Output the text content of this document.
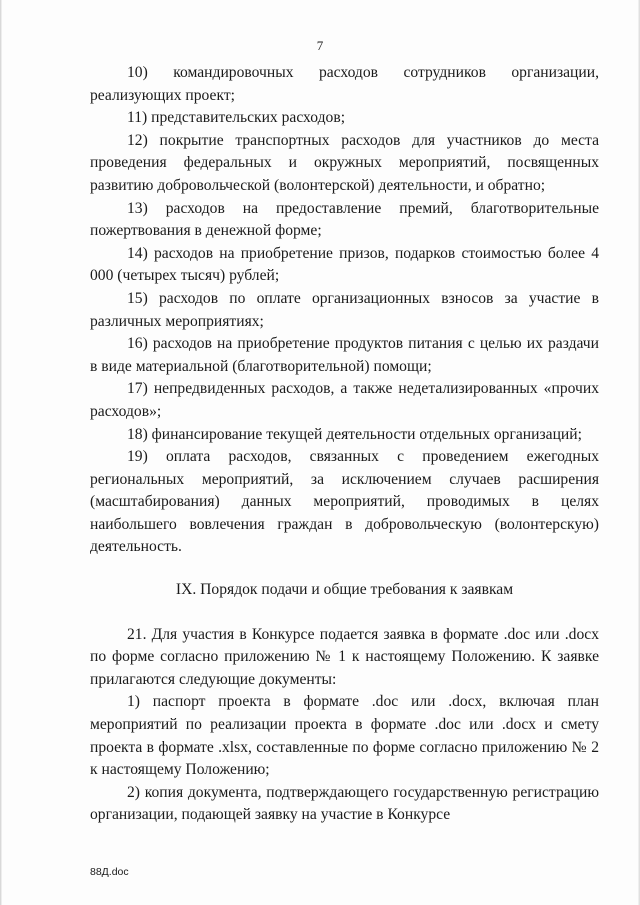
7

10) командировочных расходов сотрудников организации, реализующих проект;

11) представительских расходов;

12) покрытие транспортных расходов для участников до места проведения федеральных и окружных мероприятий, посвященных развитию добровольческой (волонтерской) деятельности, и обратно;

13) расходов на предоставление премий, благотворительные пожертвования в денежной форме;

14) расходов на приобретение призов, подарков стоимостью более 4 000 (четырех тысяч) рублей;

15) расходов по оплате организационных взносов за участие в различных мероприятиях;

16) расходов на приобретение продуктов питания с целью их раздачи в виде материальной (благотворительной) помощи;

17) непредвиденных расходов, а также недетализированных «прочих расходов»;

18) финансирование текущей деятельности отдельных организаций;

19) оплата расходов, связанных с проведением ежегодных региональных мероприятий, за исключением случаев расширения (масштабирования) данных мероприятий, проводимых в целях наибольшего вовлечения граждан в добровольческую (волонтерскую) деятельность.

IX. Порядок подачи и общие требования к заявкам

21. Для участия в Конкурсе подается заявка в формате .doc или .docx по форме согласно приложению № 1 к настоящему Положению. К заявке прилагаются следующие документы:

1) паспорт проекта в формате .doc или .docx, включая план мероприятий по реализации проекта в формате .doc или .docx и смету проекта в формате .xlsx, составленные по форме согласно приложению № 2 к настоящему Положению;

2) копия документа, подтверждающего государственную регистрацию организации, подающей заявку на участие в Конкурсе

88Д.doc
